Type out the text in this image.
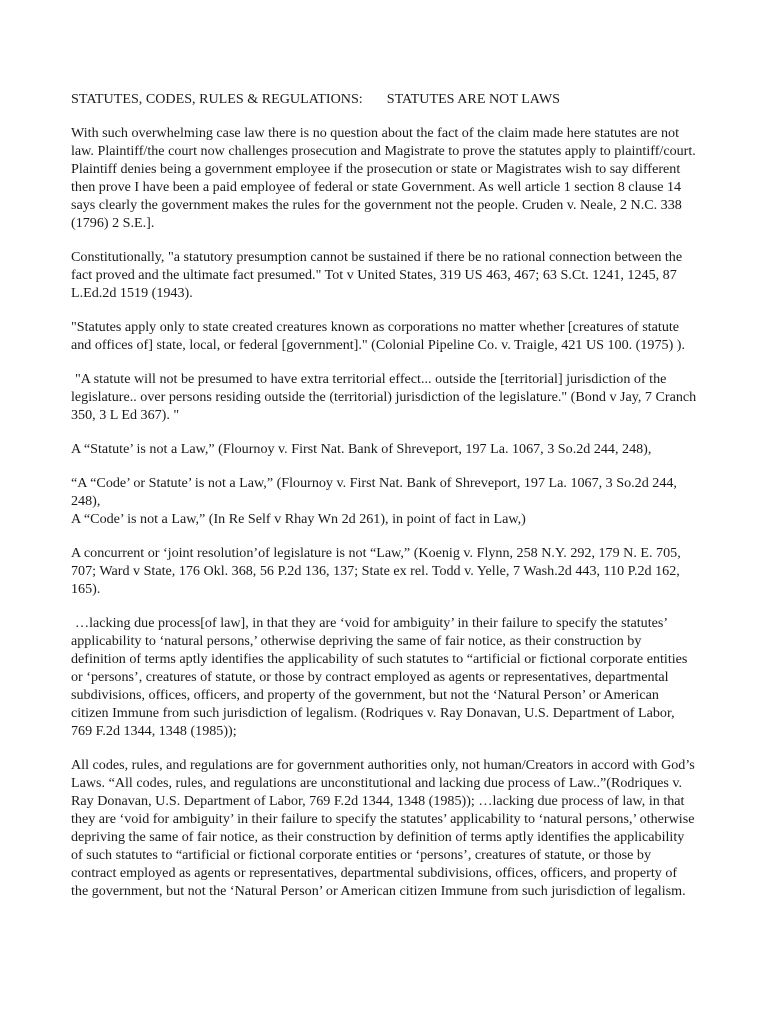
STATUTES, CODES, RULES & REGULATIONS: STATUTES ARE NOT LAWS

With such overwhelming case law there is no question about the fact of the claim made here statutes are not law. Plaintiff/the court now challenges prosecution and Magistrate to prove the statutes apply to plaintiff/court. Plaintiff denies being a government employee if the prosecution or state or Magistrates wish to say different then prove I have been a paid employee of federal or state Government. As well article 1 section 8 clause 14 says clearly the government makes the rules for the government not the people. Cruden v. Neale, 2 N.C. 338 (1796) 2 S.E.].

Constitutionally, "a statutory presumption cannot be sustained if there be no rational connection between the fact proved and the ultimate fact presumed." Tot v United States, 319 US 463, 467; 63 S.Ct. 1241, 1245, 87 L.Ed.2d 1519 (1943).

"Statutes apply only to state created creatures known as corporations no matter whether [creatures of statute and offices of] state, local, or federal [government]." (Colonial Pipeline Co. v. Traigle, 421 US 100. (1975) ).

"A statute will not be presumed to have extra territorial effect... outside the [territorial] jurisdiction of the legislature.. over persons residing outside the (territorial) jurisdiction of the legislature." (Bond v Jay, 7 Cranch 350, 3 L Ed 367). "

A “Statute’ is not a Law,” (Flournoy v. First Nat. Bank of Shreveport, 197 La. 1067, 3 So.2d 244, 248),

“A “Code’ or Statute’ is not a Law,” (Flournoy v. First Nat. Bank of Shreveport, 197 La. 1067, 3 So.2d 244, 248),

A “Code’ is not a Law,” (In Re Self v Rhay Wn 2d 261), in point of fact in Law,)

A concurrent or ‘joint resolution’of legislature is not “Law,” (Koenig v. Flynn, 258 N.Y. 292, 179 N. E. 705, 707; Ward v State, 176 Okl. 368, 56 P.2d 136, 137; State ex rel. Todd v. Yelle, 7 Wash.2d 443, 110 P.2d 162, 165).

…lacking due process[of law], in that they are ‘void for ambiguity’ in their failure to specify the statutes’ applicability to ‘natural persons,’ otherwise depriving the same of fair notice, as their construction by definition of terms aptly identifies the applicability of such statutes to “artificial or fictional corporate entities or ‘persons’, creatures of statute, or those by contract employed as agents or representatives, departmental subdivisions, offices, officers, and property of the government, but not the ‘Natural Person’ or American citizen Immune from such jurisdiction of legalism. (Rodriques v. Ray Donavan, U.S. Department of Labor, 769 F.2d 1344, 1348 (1985));

All codes, rules, and regulations are for government authorities only, not human/Creators in accord with God’s Laws. “All codes, rules, and regulations are unconstitutional and lacking due process of Law..”(Rodriques v. Ray Donavan, U.S. Department of Labor, 769 F.2d 1344, 1348 (1985)); …lacking due process of law, in that they are ‘void for ambiguity’ in their failure to specify the statutes’ applicability to ‘natural persons,’ otherwise depriving the same of fair notice, as their construction by definition of terms aptly identifies the applicability of such statutes to “artificial or fictional corporate entities or ‘persons’, creatures of statute, or those by contract employed as agents or representatives, departmental subdivisions, offices, officers, and property of the government, but not the ‘Natural Person’ or American citizen Immune from such jurisdiction of legalism.
